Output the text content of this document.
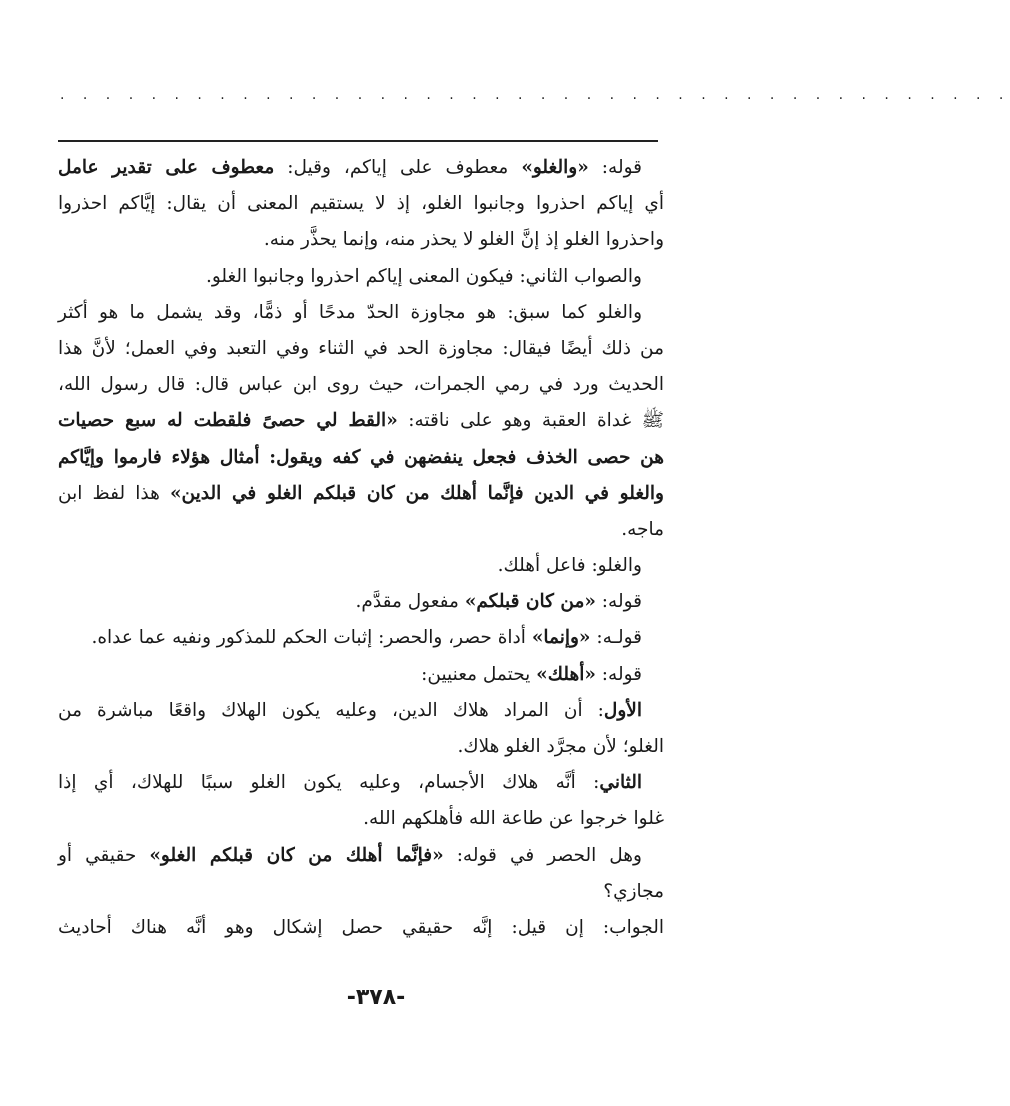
. . . . . . . . . . . . . . . . . . . . . . . . . . . . . . . . . . . . . . . . . .
قوله: «والغلو» معطوف على إياكم، وقيل: معطوف على تقدير عامل
أي إياكم احذروا وجانبوا الغلو، إذ لا يستقيم المعنى أن يقال: إيَّاكم احذروا
واحذروا الغلو إذ إنَّ الغلو لا يحذر منه، وإنما يحذَّر منه.
والصواب الثاني: فيكون المعنى إياكم احذروا وجانبوا الغلو.
والغلو كما سبق: هو مجاوزة الحدّ مدحًا أو ذمًّا، وقد يشمل ما هو أكثر
من ذلك أيضًا فيقال: مجاوزة الحد في الثناء وفي التعبد وفي العمل؛ لأنَّ هذا
الحديث ورد في رمي الجمرات، حيث روى ابن عباس قال: قال رسول الله،
ﷺ غداة العقبة وهو على ناقته: «القط لي حصىً فلقطت له سبع حصيات
هن حصى الخذف فجعل ينفضهن في كفه ويقول: أمثال هؤلاء فارموا وإيَّاكم
والغلو في الدين فإنَّما أهلك من كان قبلكم الغلو في الدين» هذا لفظ ابن
ماجه.
والغلو: فاعل أهلك.
قوله: «من كان قبلكم» مفعول مقدَّم.
قولـه: «وإنما» أداة حصر، والحصر: إثبات الحكم للمذكور ونفيه عما عداه.
قوله: «أهلك» يحتمل معنيين:
الأول: أن المراد هلاك الدين، وعليه يكون الهلاك واقعًا مباشرة من
الغلو؛ لأن مجرَّد الغلو هلاك.
الثاني: أنَّه هلاك الأجسام، وعليه يكون الغلو سببًا للهلاك، أي إذا
غلوا خرجوا عن طاعة الله فأهلكهم الله.
وهل الحصر في قوله: «فإنَّما أهلك من كان قبلكم الغلو» حقيقي أو
مجازي؟
الجواب: إن قيل: إنَّه حقيقي حصل إشكال وهو أنَّه هناك أحاديث
-٣٧٨-
